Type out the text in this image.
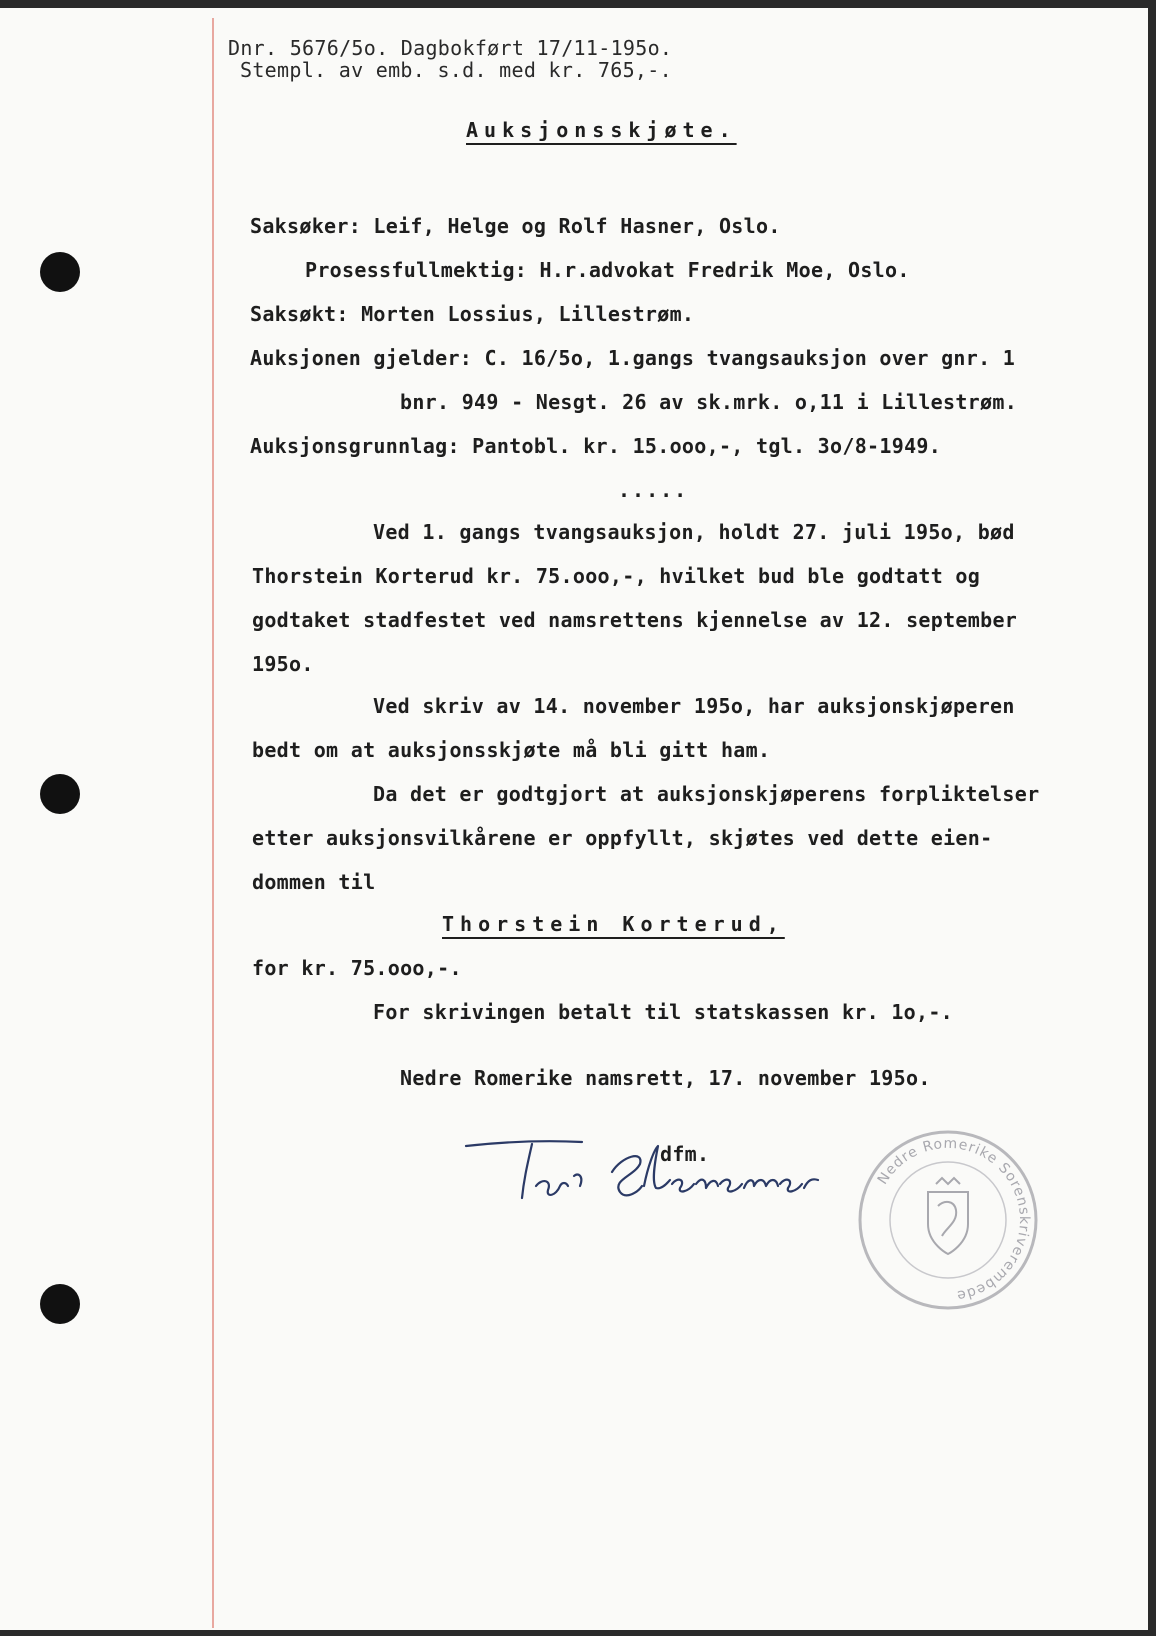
Dnr. 5676/5o. Dagbokført 17/11-195o.
Stempl. av emb. s.d. med kr. 765,-.
Auksjonsskjøte.
Saksøker: Leif, Helge og Rolf Hasner, Oslo.
Prosessfullmektig: H.r.advokat Fredrik Moe, Oslo.
Saksøkt: Morten Lossius, Lillestrøm.
Auksjonen gjelder: C. 16/5o, 1.gangs tvangsauksjon over gnr. 1
bnr. 949 - Nesgt. 26 av sk.mrk. o,11 i Lillestrøm.
Auksjonsgrunnlag: Pantobl. kr. 15.ooo,-, tgl. 3o/8-1949.
.....
Ved 1. gangs tvangsauksjon, holdt 27. juli 195o, bød
Thorstein Korterud kr. 75.ooo,-, hvilket bud ble godtatt og
godtaket stadfestet ved namsrettens kjennelse av 12. september
195o.
Ved skriv av 14. november 195o, har auksjonskjøperen
bedt om at auksjonsskjøte må bli gitt ham.
Da det er godtgjort at auksjonskjøperens forpliktelser
etter auksjonsvilkårene er oppfyllt, skjøtes ved dette eien-
dommen til
Thorstein Korterud,
for kr. 75.ooo,-.
For skrivingen betalt til statskassen kr. 1o,-.
Nedre Romerike namsrett, 17. november 195o.
dfm.
Nedre Romerike Sorenskriverembede
